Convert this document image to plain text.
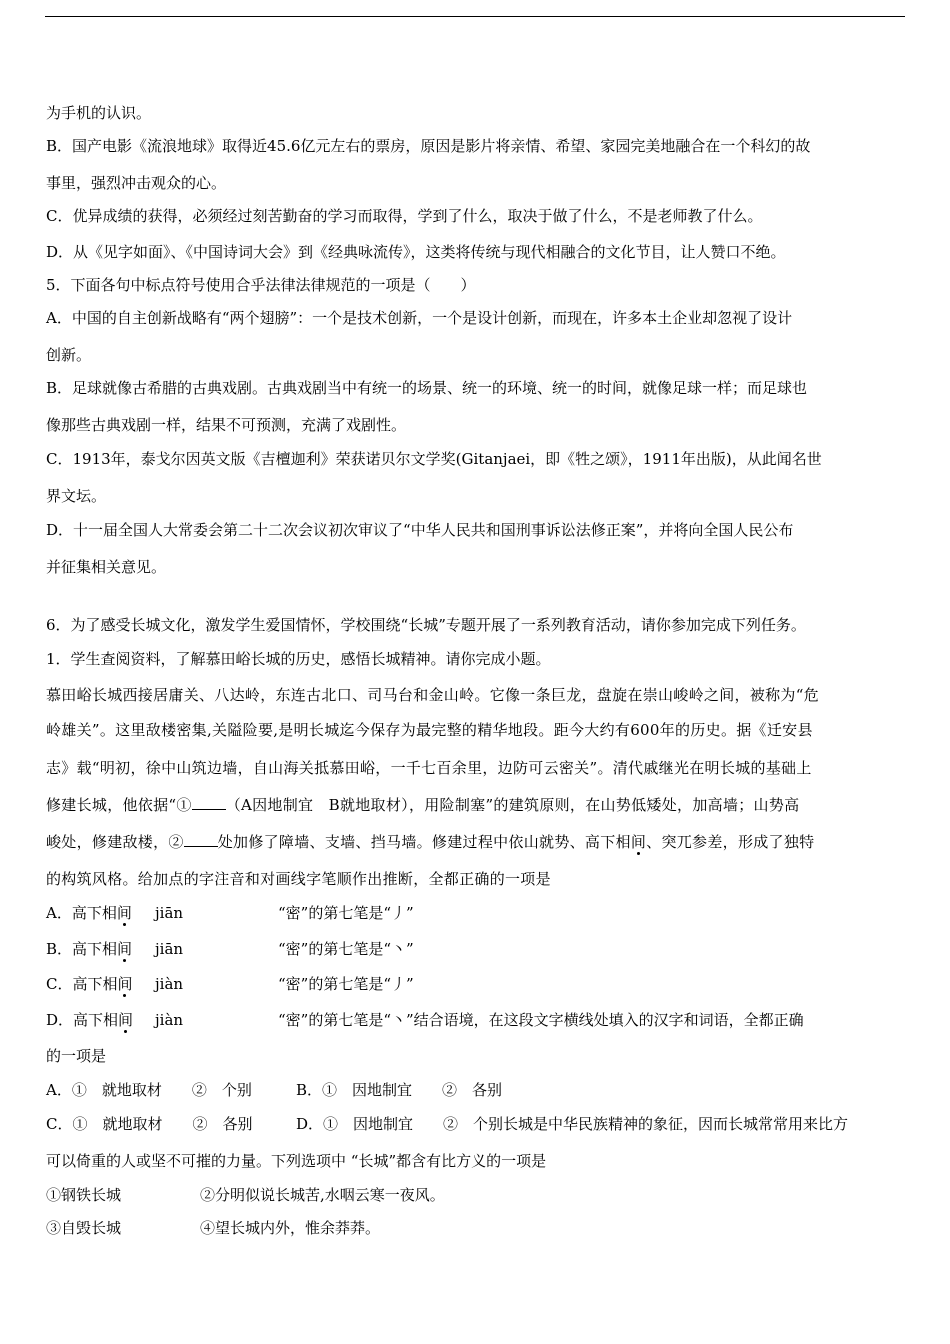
为手机的认识。
B．国产电影《流浪地球》取得近45.6亿元左右的票房，原因是影片将亲情、希望、家园完美地融合在一个科幻的故
事里，强烈冲击观众的心。
C．优异成绩的获得，必须经过刻苦勤奋的学习而取得，学到了什么，取决于做了什么，不是老师教了什么。
D．从《见字如面》、《中国诗词大会》到《经典咏流传》，这类将传统与现代相融合的文化节目，让人赞口不绝。
5．下面各句中标点符号使用合乎法律法律规范的一项是（　　）
A．中国的自主创新战略有“两个翅膀”：一个是技术创新，一个是设计创新，而现在，许多本土企业却忽视了设计
创新。
B．足球就像古希腊的古典戏剧。古典戏剧当中有统一的场景、统一的环境、统一的时间，就像足球一样；而足球也
像那些古典戏剧一样，结果不可预测，充满了戏剧性。
C．1913年，泰戈尔因英文版《吉檀迦利》荣获诺贝尔文学奖(Gitanjaei，即《牲之颂》，1911年出版)，从此闻名世
界文坛。
D．十一届全国人大常委会第二十二次会议初次审议了“中华人民共和国刑事诉讼法修正案”，并将向全国人民公布
并征集相关意见。
6．为了感受长城文化，激发学生爱国情怀，学校围绕“长城”专题开展了一系列教育活动，请你参加完成下列任务。
1．学生查阅资料，了解慕田峪长城的历史，感悟长城精神。请你完成小题。
慕田峪长城西接居庸关、八达岭，东连古北口、司马台和金山岭。它像一条巨龙，盘旋在崇山峻岭之间，被称为“危
岭雄关”。这里敌楼密集,关隘险要,是明长城迄今保存为最完整的精华地段。距今大约有600年的历史。据《迁安县
志》载“明初，徐中山筑边墙，自山海关抵慕田峪，一千七百余里，边防可云密关”。清代戚继光在明长城的基础上
修建长城，他依据“① （A因地制宜　B就地取材），用险制塞”的建筑原则，在山势低矮处，加高墙；山势高
峻处，修建敌楼，② 处加修了障墙、支墙、挡马墙。修建过程中依山就势、高下相间、突兀参差，形成了独特
的构筑风格。给加点的字注音和对画线字笔顺作出推断，全都正确的一项是
A．高下相间 jiān	“密”的第七笔是“丿”
B．高下相间 jiān	“密”的第七笔是“丶”
C．高下相间 jiàn	“密”的第七笔是“丿”
D．高下相间 jiàn	“密”的第七笔是“丶”结合语境，在这段文字横线处填入的汉字和词语，全都正确
的一项是
A．①　就地取材　　②　个别	B．①　因地制宜　　②　各别
C．①　就地取材　　②　各别	D．①　因地制宜　　②　个别长城是中华民族精神的象征，因而长城常常用来比方
可以倚重的人或坚不可摧的力量。下列选项中 “长城”都含有比方义的一项是
①钢铁长城	②分明似说长城苦,水咽云寒一夜风。
③自毁长城	④望长城内外，惟余莽莽。
